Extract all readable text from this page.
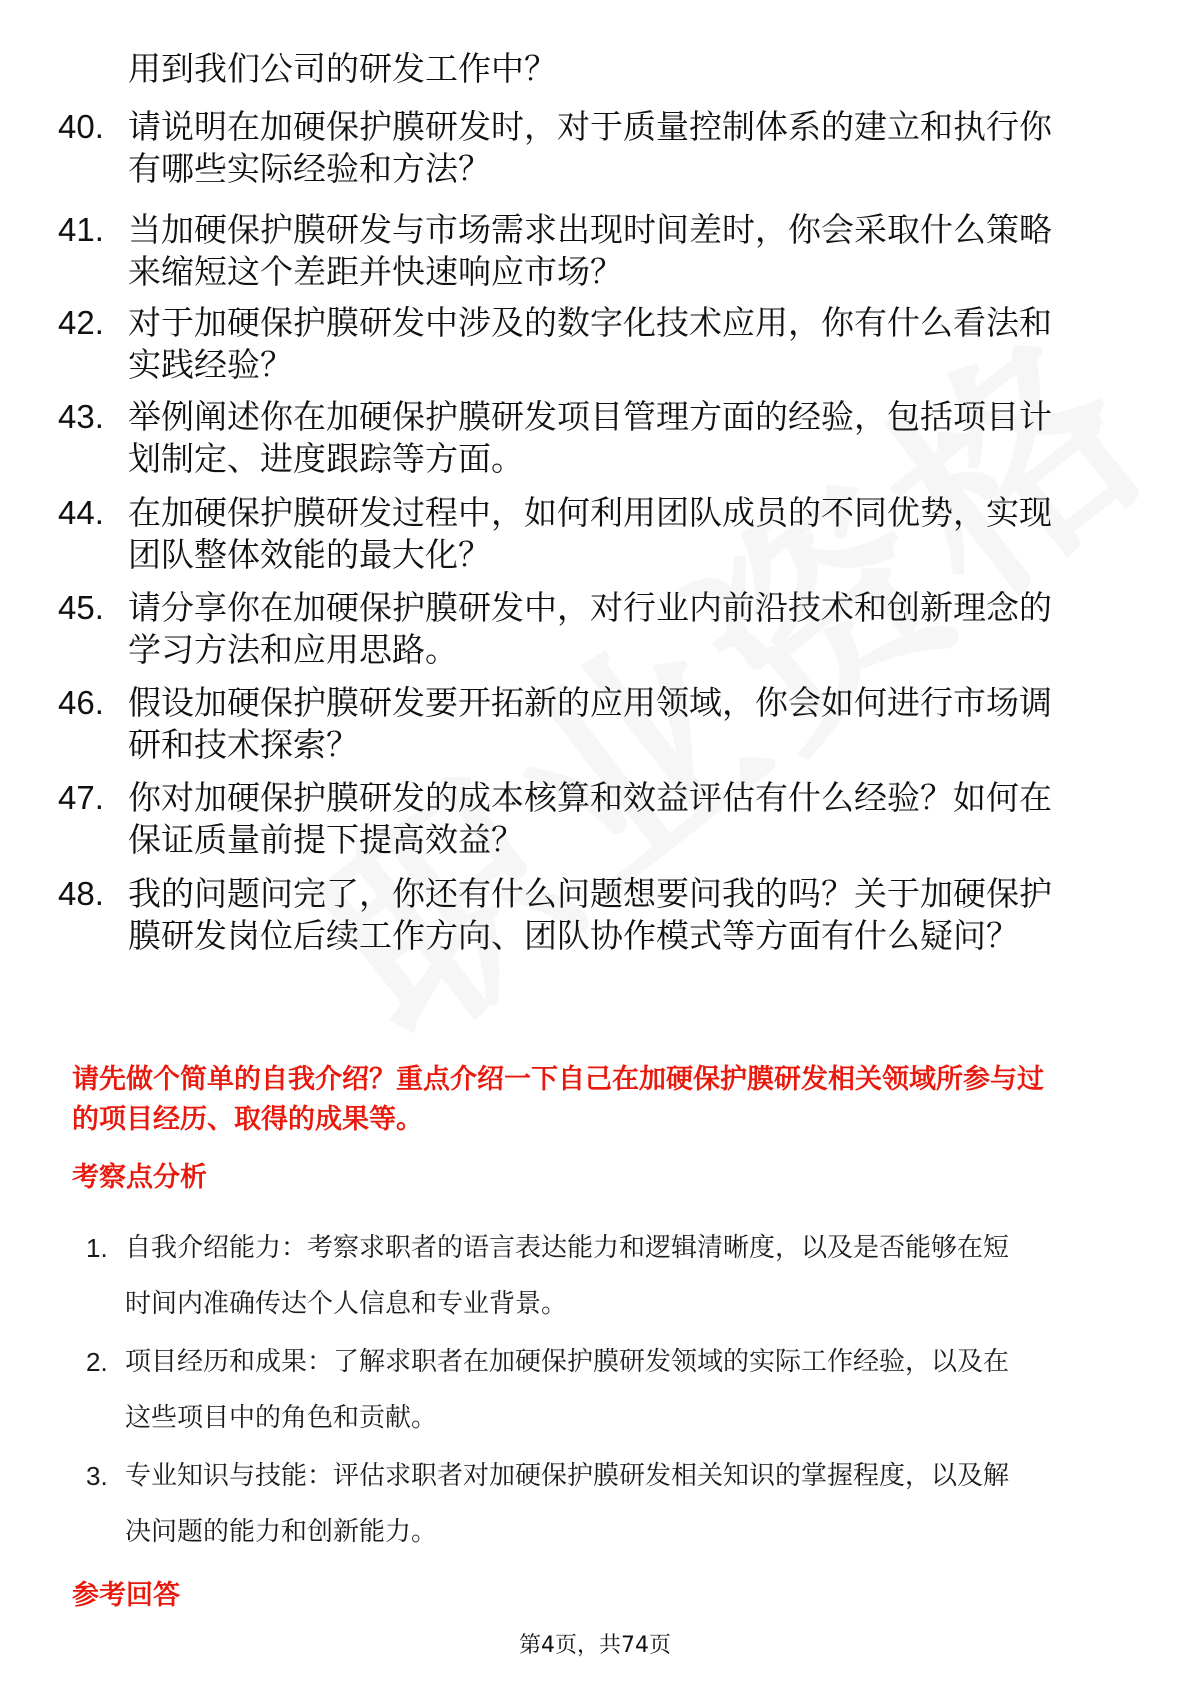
用到我们公司的研发工作中？
40. 请说明在加硬保护膜研发时，对于质量控制体系的建立和执行你
有哪些实际经验和方法？
41. 当加硬保护膜研发与市场需求出现时间差时，你会采取什么策略
来缩短这个差距并快速响应市场？
42. 对于加硬保护膜研发中涉及的数字化技术应用，你有什么看法和
实践经验？
43. 举例阐述你在加硬保护膜研发项目管理方面的经验，包括项目计
划制定、进度跟踪等方面。
44. 在加硬保护膜研发过程中，如何利用团队成员的不同优势，实现
团队整体效能的最大化？
45. 请分享你在加硬保护膜研发中，对行业内前沿技术和创新理念的
学习方法和应用思路。
46. 假设加硬保护膜研发要开拓新的应用领域，你会如何进行市场调
研和技术探索？
47. 你对加硬保护膜研发的成本核算和效益评估有什么经验？如何在
保证质量前提下提高效益？
48. 我的问题问完了，你还有什么问题想要问我的吗？关于加硬保护
膜研发岗位后续工作方向、团队协作模式等方面有什么疑问？
请先做个简单的自我介绍？重点介绍一下自己在加硬保护膜研发相关领域所参与过
的项目经历、取得的成果等。
考察点分析
1. 自我介绍能力：考察求职者的语言表达能力和逻辑清晰度，以及是否能够在短
时间内准确传达个人信息和专业背景。
2. 项目经历和成果：了解求职者在加硬保护膜研发领域的实际工作经验，以及在
这些项目中的角色和贡献。
3. 专业知识与技能：评估求职者对加硬保护膜研发相关知识的掌握程度，以及解
决问题的能力和创新能力。
参考回答
第4页，共74页
